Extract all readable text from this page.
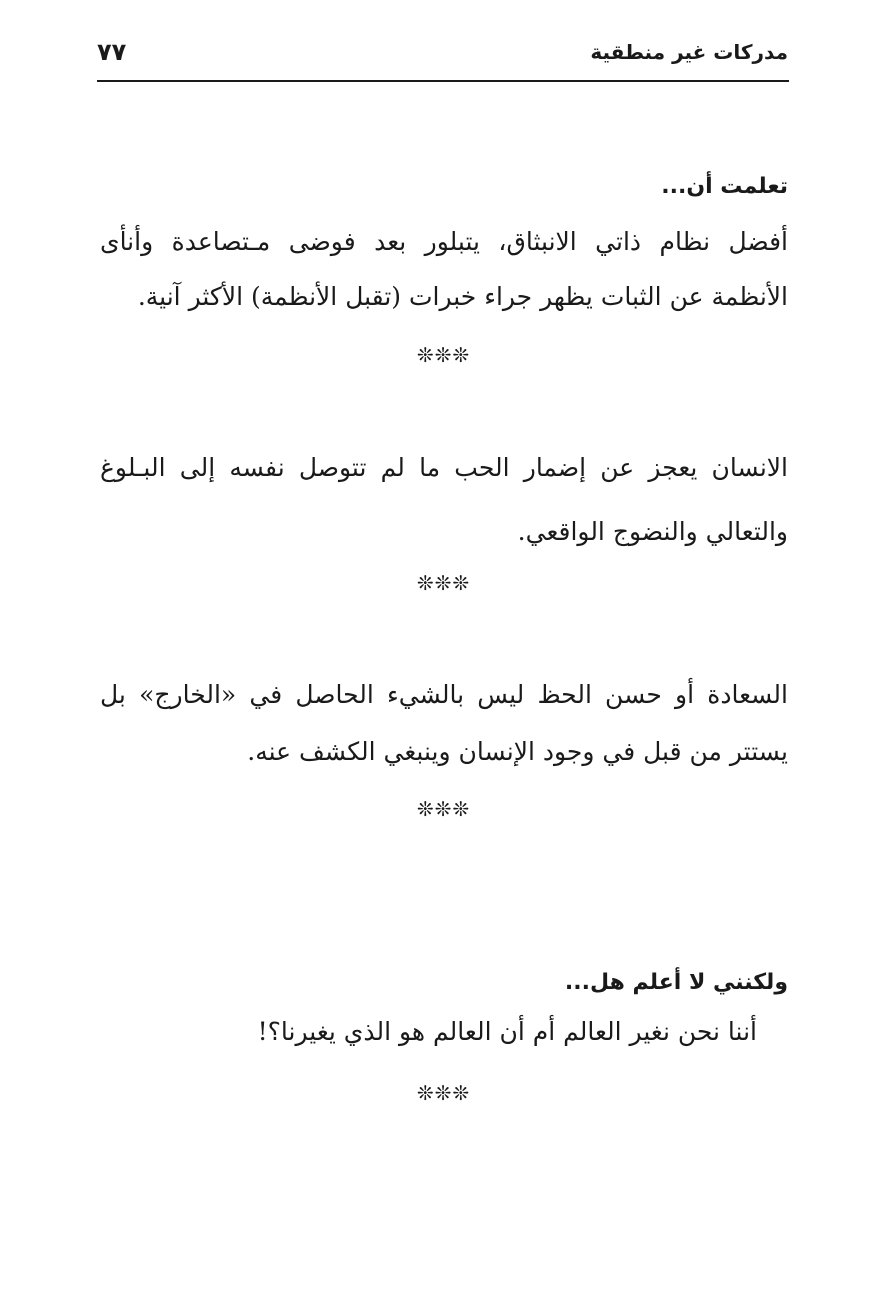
مدركات غير منطقية
٧٧
تعلمت أن...
أفضل نظام ذاتي الانبثاق، يتبلور بعد فوضى مـتصاعدة وأنأى
الأنظمة عن الثبات يظهر جراء خبرات (تقبل الأنظمة) الأكثر آنية.
❊❊❊
الانسان يعجز عن إضمار الحب ما لم تتوصل نفسه إلى البـلوغ
والتعالي والنضوج الواقعي.
❊❊❊
السعادة أو حسن الحظ ليس بالشيء الحاصل في «الخارج» بل
يستتر من قبل في وجود الإنسان وينبغي الكشف عنه.
❊❊❊
ولكنني لا أعلم هل...
أننا نحن نغير العالم أم أن العالم هو الذي يغيرنا؟!
❊❊❊
